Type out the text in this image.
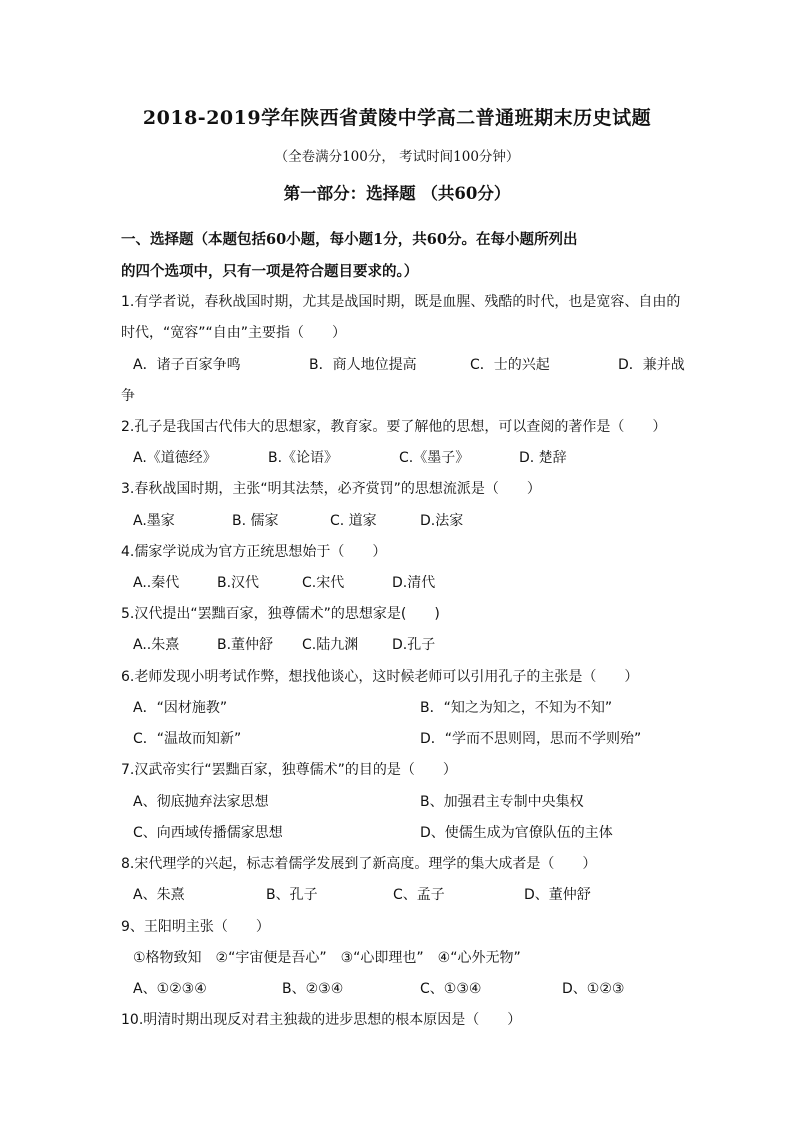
2018-2019学年陕西省黄陵中学高二普通班期末历史试题
（全卷满分100分， 考试时间100分钟）
第一部分：选择题 （共60分）
一、选择题（本题包括60小题，每小题1分，共60分。在每小题所列出
的四个选项中，只有一项是符合题目要求的。）
1.有学者说，春秋战国时期，尤其是战国时期，既是血腥、残酷的时代，也是宽容、自由的
时代，“宽容”“自由”主要指（　　）
A．诸子百家争鸣	B．商人地位提高	C．士的兴起	D．兼并战
争
2.孔子是我国古代伟大的思想家，教育家。要了解他的思想，可以查阅的著作是（　　）
A.《道德经》	B.《论语》	C.《墨子》	D. 楚辞
3.春秋战国时期，主张“明其法禁，必齐赏罚”的思想流派是（　　）
A.墨家	B. 儒家	C. 道家	D.法家
4.儒家学说成为官方正统思想始于（　　）
A..秦代	B.汉代	C.宋代	D.清代
5.汉代提出“罢黜百家，独尊儒术”的思想家是(　　)
A..朱熹	B.董仲舒 C.陆九渊 D.孔子
6.老师发现小明考试作弊，想找他谈心，这时候老师可以引用孔子的主张是（　　）
A．“因材施教”	B．“知之为知之，不知为不知”
C．“温故而知新”	D．“学而不思则罔，思而不学则殆”
7.汉武帝实行“罢黜百家，独尊儒术”的目的是（　　）
A、彻底抛弃法家思想	B、加强君主专制中央集权
C、向西域传播儒家思想	D、使儒生成为官僚队伍的主体
8.宋代理学的兴起，标志着儒学发展到了新高度。理学的集大成者是（　　）
A、朱熹	B、孔子	C、孟子	D、董仲舒
9、王阳明主张（　　）
①格物致知　②“宇宙便是吾心”　③“心即理也”　④“心外无物”
A、①②③④	B、②③④	C、①③④	D、①②③
10.明清时期出现反对君主独裁的进步思想的根本原因是（　　）
